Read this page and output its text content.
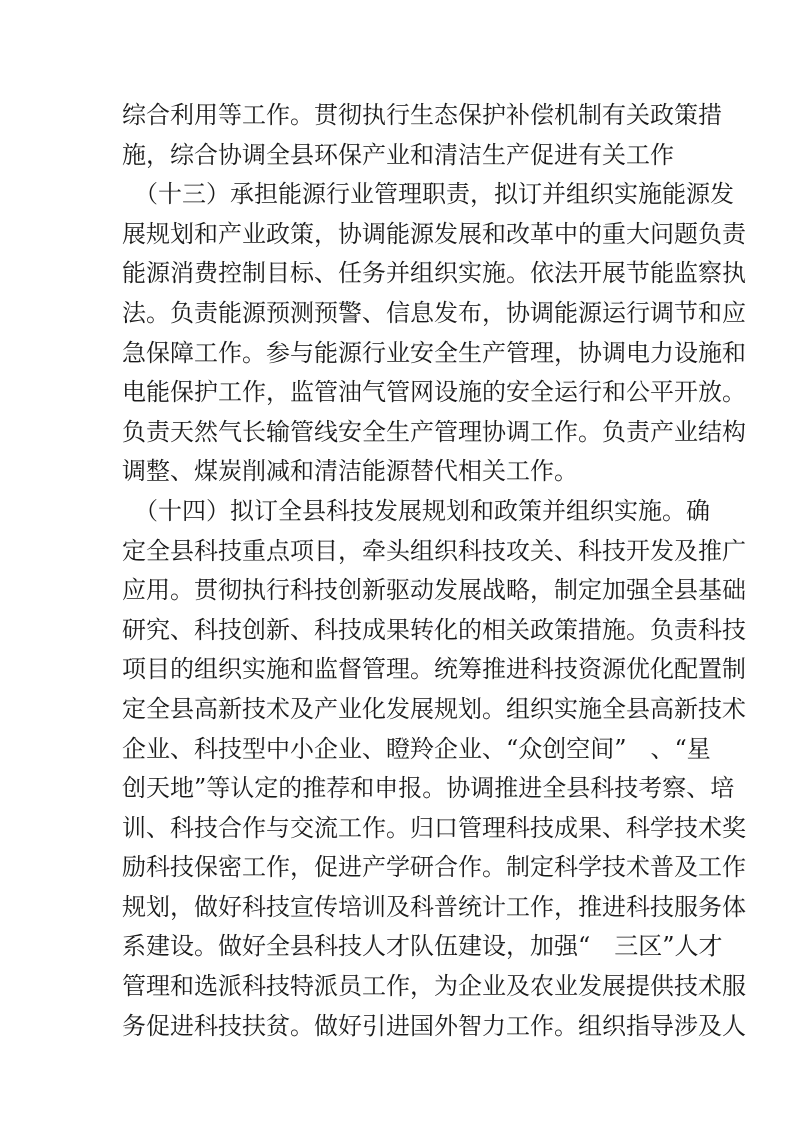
综合利用等工作。贯彻执行生态保护补偿机制有关政策措
施，综合协调全县环保产业和清洁生产促进有关工作
　（十三）承担能源行业管理职责，拟订并组织实施能源发
展规划和产业政策，协调能源发展和改革中的重大问题负责
能源消费控制目标、任务并组织实施。依法开展节能监察执
法。负责能源预测预警、信息发布，协调能源运行调节和应
急保障工作。参与能源行业安全生产管理，协调电力设施和
电能保护工作，监管油气管网设施的安全运行和公平开放。
负责天然气长输管线安全生产管理协调工作。负责产业结构
调整、煤炭削减和清洁能源替代相关工作。
　（十四）拟订全县科技发展规划和政策并组织实施。确
定全县科技重点项目，牵头组织科技攻关、科技开发及推广
应用。贯彻执行科技创新驱动发展战略，制定加强全县基础
研究、科技创新、科技成果转化的相关政策措施。负责科技
项目的组织实施和监督管理。统筹推进科技资源优化配置制
定全县高新技术及产业化发展规划。组织实施全县高新技术
企业、科技型中小企业、瞪羚企业、“众创空间”　、“星
创天地”等认定的推荐和申报。协调推进全县科技考察、培
训、科技合作与交流工作。归口管理科技成果、科学技术奖
励科技保密工作，促进产学研合作。制定科学技术普及工作
规划，做好科技宣传培训及科普统计工作，推进科技服务体
系建设。做好全县科技人才队伍建设，加强“　三区”人才
管理和选派科技特派员工作，为企业及农业发展提供技术服
务促进科技扶贫。做好引进国外智力工作。组织指导涉及人
